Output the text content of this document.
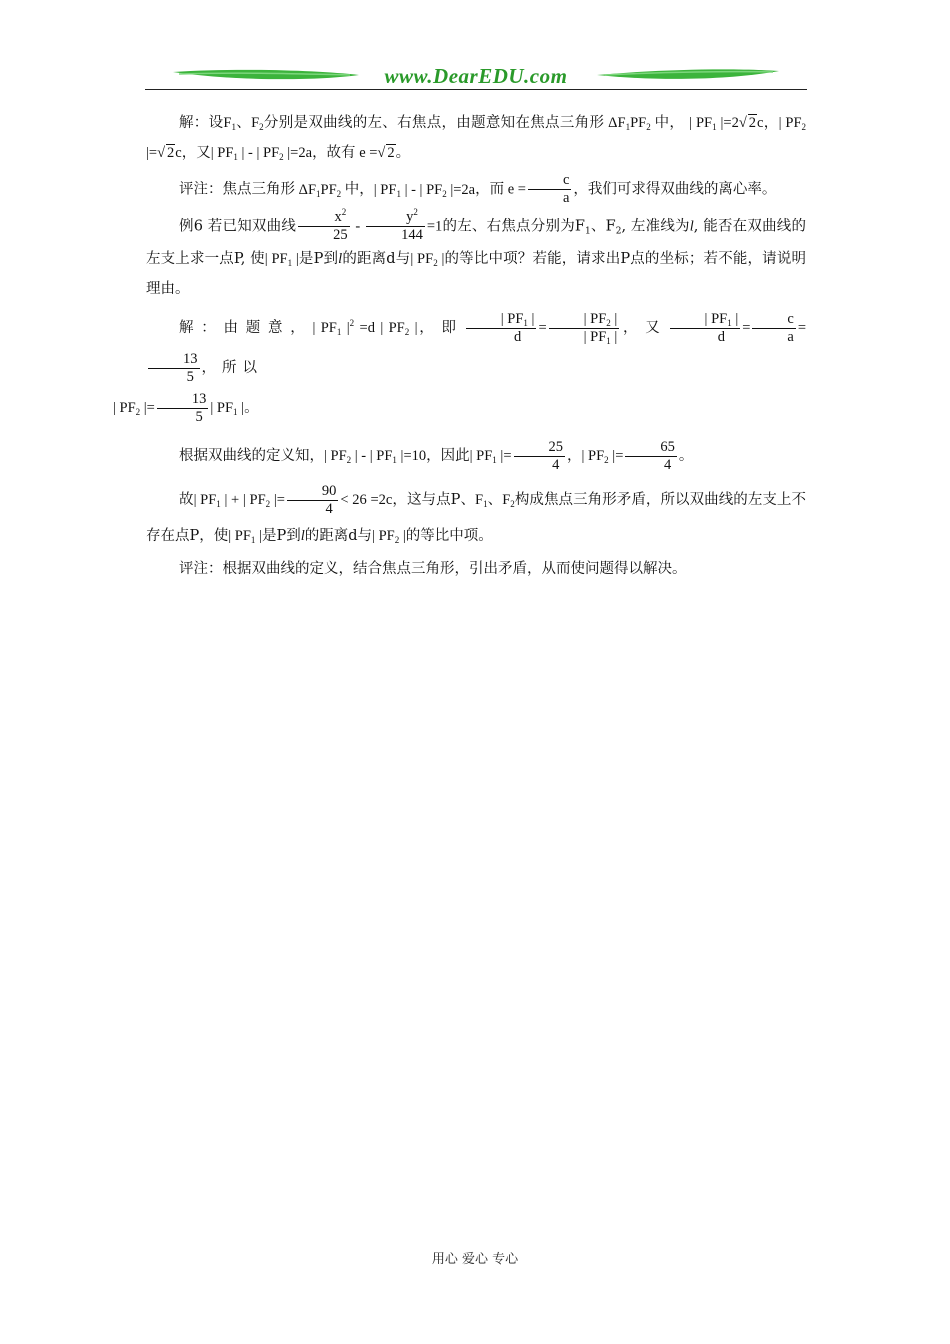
www.DearEDU.com

解：设$F_1$、$F_2$分别是双曲线的左、右焦点，由题意知在焦点三角形 $\Delta F_1PF_2$ 中， | $PF_1$ |=2√ 2c，| $PF_2$ |=√ 2c，又| $PF_1$ | - | $PF_2$ |=2a，故有 e =√ 2。

评注：焦点三角形 $\Delta F_1PF_2$ 中，| $PF_1$ | - | $PF_2$ |=2a，而 $e = \frac{c}{a}$ ，我们可求得双曲线的离心率。

例6 若已知双曲线 $\frac{x^2}{25} - \frac{y^2}{144} =1$的左、右焦点分别为$F_1$、$F_2$, 左准线为l, 能否在双曲线的左支上求一点P, 使| $PF_1$ |是P到l的距离d与| $PF_2$ |的等比中项？若能，请求出P点的坐标；若不能，请说明理由。

解：由题意，| $PF_1$ $|^2 =d$ | $PF_2$ |，即 $\frac{| PF_1 |}{d} = \frac{| PF_2 |}{| PF_1 |}$ ，又 $\frac{| PF_1 |}{d} = \frac{c}{a}$ =
$\frac{13}{5}$ ，所以
| $PF_2$ |= $\frac{13}{5}$ | $PF_1$ |。

根据双曲线的定义知，| $PF_2$ | - | $PF_1$ |=10，因此| $PF_1$ |= $\frac{25}{4}$ ，| $PF_2$ |= $\frac{65}{4}$ 。

故| $PF_1$ | + | $PF_2$ |= $\frac{90}{4} < 26 =2c$，这与点P、$F_1$、$F_2$构成焦点三角形矛盾，所以双曲线的左支上不存在点P，使| $PF_1$ |是P到l的距离d与| $PF_2$ |的等比中项。

评注：根据双曲线的定义，结合焦点三角形，引出矛盾，从而使问题得以解决。

用心 爱心 专心
